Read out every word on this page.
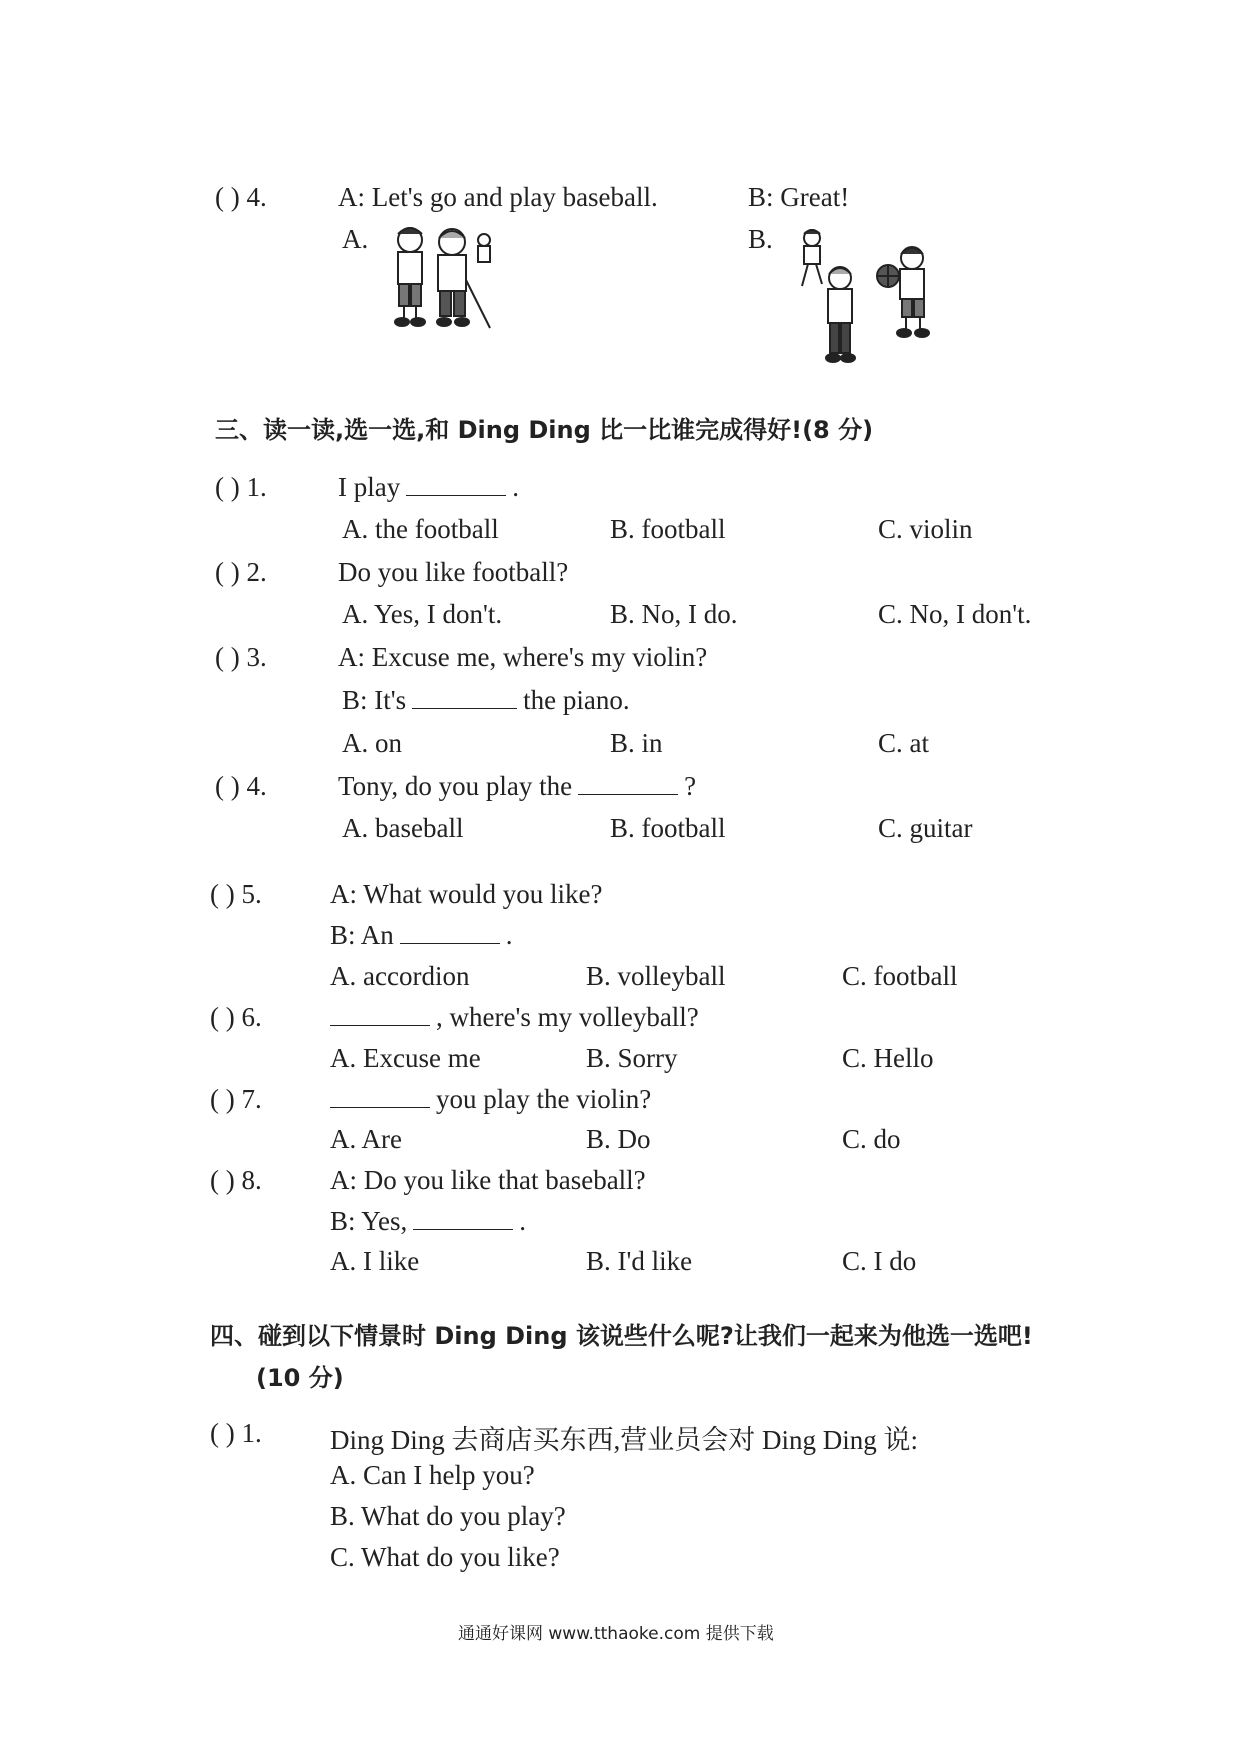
( ) 4.	A: Let's go and play baseball.	B: Great!
A.	B.
三、读一读,选一选,和 Ding Ding 比一比谁完成得好!(8 分)
( ) 1.	I play	.
A. the football	B. football	C. violin
( ) 2.	Do you like football?
A. Yes, I don't.	B. No, I do.	C. No, I don't.
( ) 3.	A: Excuse me, where's my violin?
B: It's	the piano.
A. on	B. in	C. at
( ) 4.	Tony, do you play the	?
A. baseball	B. football	C. guitar
( ) 5.	A: What would you like?
B: An	.
A. accordion	B. volleyball	C. football
( ) 6.	, where's my volleyball?
A. Excuse me	B. Sorry	C. Hello
( ) 7.	you play the violin?
A. Are	B. Do	C. do
( ) 8.	A: Do you like that baseball?
B: Yes,	.
A. I like	B. I'd like	C. I do
四、碰到以下情景时 Ding Ding 该说些什么呢?让我们一起来为他选一选吧!
(10 分)
( ) 1.	Ding Ding 去商店买东西,营业员会对 Ding Ding 说:
A. Can I help you?
B. What do you play?
C. What do you like?
通通好课网 www.tthaoke.com 提供下载
